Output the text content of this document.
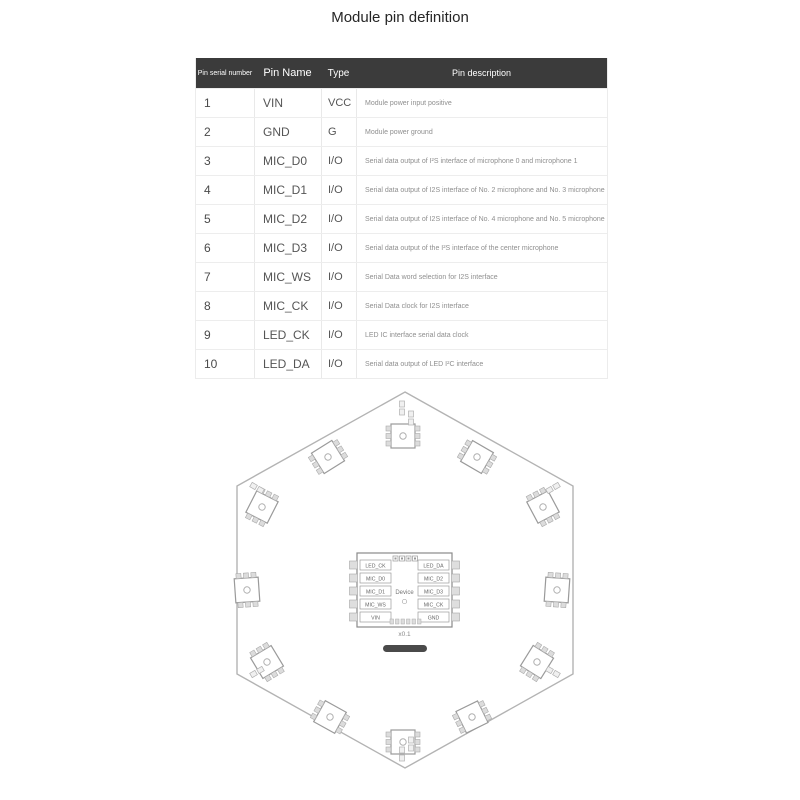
Module pin definition
Pin serial number	Pin Name	Type	Pin description
1	VIN	VCC	Module power input positive
2	GND	G	Module power ground
3	MIC_D0	I/O	Serial data output of I²S interface of microphone 0 and microphone 1
4	MIC_D1	I/O	Serial data output of I2S interface of No. 2 microphone and No. 3 microphone
5	MIC_D2	I/O	Serial data output of I2S interface of No. 4 microphone and No. 5 microphone
6	MIC_D3	I/O	Serial data output of the I²S interface of the center microphone
7	MIC_WS	I/O	Serial Data word selection for I2S interface
8	MIC_CK	I/O	Serial Data clock for I2S interface
9	LED_CK	I/O	LED IC interface serial data clock
10	LED_DA	I/O	Serial data output of LED I²C interface
LED_CK
MIC_D0
MIC_D1
MIC_WS
VIN
LED_DA
MIC_D2
MIC_D3
MIC_CK
GND
Device
x0.1
